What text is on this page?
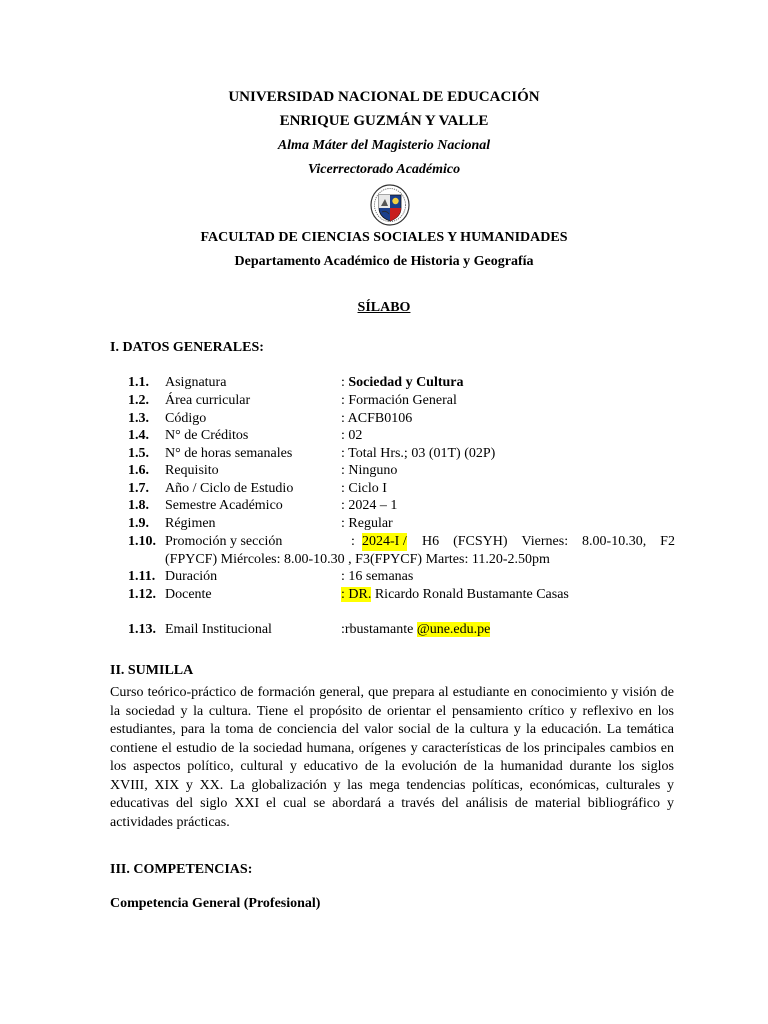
UNIVERSIDAD NACIONAL DE EDUCACIÓN
ENRIQUE GUZMÁN Y VALLE
Alma Máter del Magisterio Nacional
Vicerrectorado Académico
FACULTAD DE CIENCIAS SOCIALES Y HUMANIDADES
Departamento Académico de Historia y Geografía
SÍLABO
I. DATOS GENERALES:
1.1. Asignatura	: Sociedad y Cultura
1.2. Área curricular	: Formación General
1.3. Código	: ACFB0106
1.4. N° de Créditos	: 02
1.5. N° de horas semanales	: Total Hrs.; 03 (01T) (02P)
1.6. Requisito	: Ninguno
1.7. Año / Ciclo de Estudio	: Ciclo I
1.8. Semestre Académico	: 2024 – 1
1.9. Régimen	: Regular
1.10. Promoción y sección	: 2024-I / H6 (FCSYH) Viernes: 8.00-10.30, F2
(FPYCF) Miércoles: 8.00-10.30 , F3(FPYCF) Martes: 11.20-2.50pm
1.11. Duración	: 16 semanas
1.12. Docente	: DR. Ricardo Ronald Bustamante Casas
1.13. Email Institucional	:rbustamante @une.edu.pe
II. SUMILLA
Curso teórico-práctico de formación general, que prepara al estudiante en conocimiento y visión de
la sociedad y la cultura. Tiene el propósito de orientar el pensamiento crítico y reflexivo en los
estudiantes, para la toma de conciencia del valor social de la cultura y la educación. La temática
contiene el estudio de la sociedad humana, orígenes y características de los principales cambios en
los aspectos político, cultural y educativo de la evolución de la humanidad durante los siglos
XVIII, XIX y XX. La globalización y las mega tendencias políticas, económicas, culturales y
educativas del siglo XXI el cual se abordará a través del análisis de material bibliográfico y
actividades prácticas.
III. COMPETENCIAS:
Competencia General (Profesional)
